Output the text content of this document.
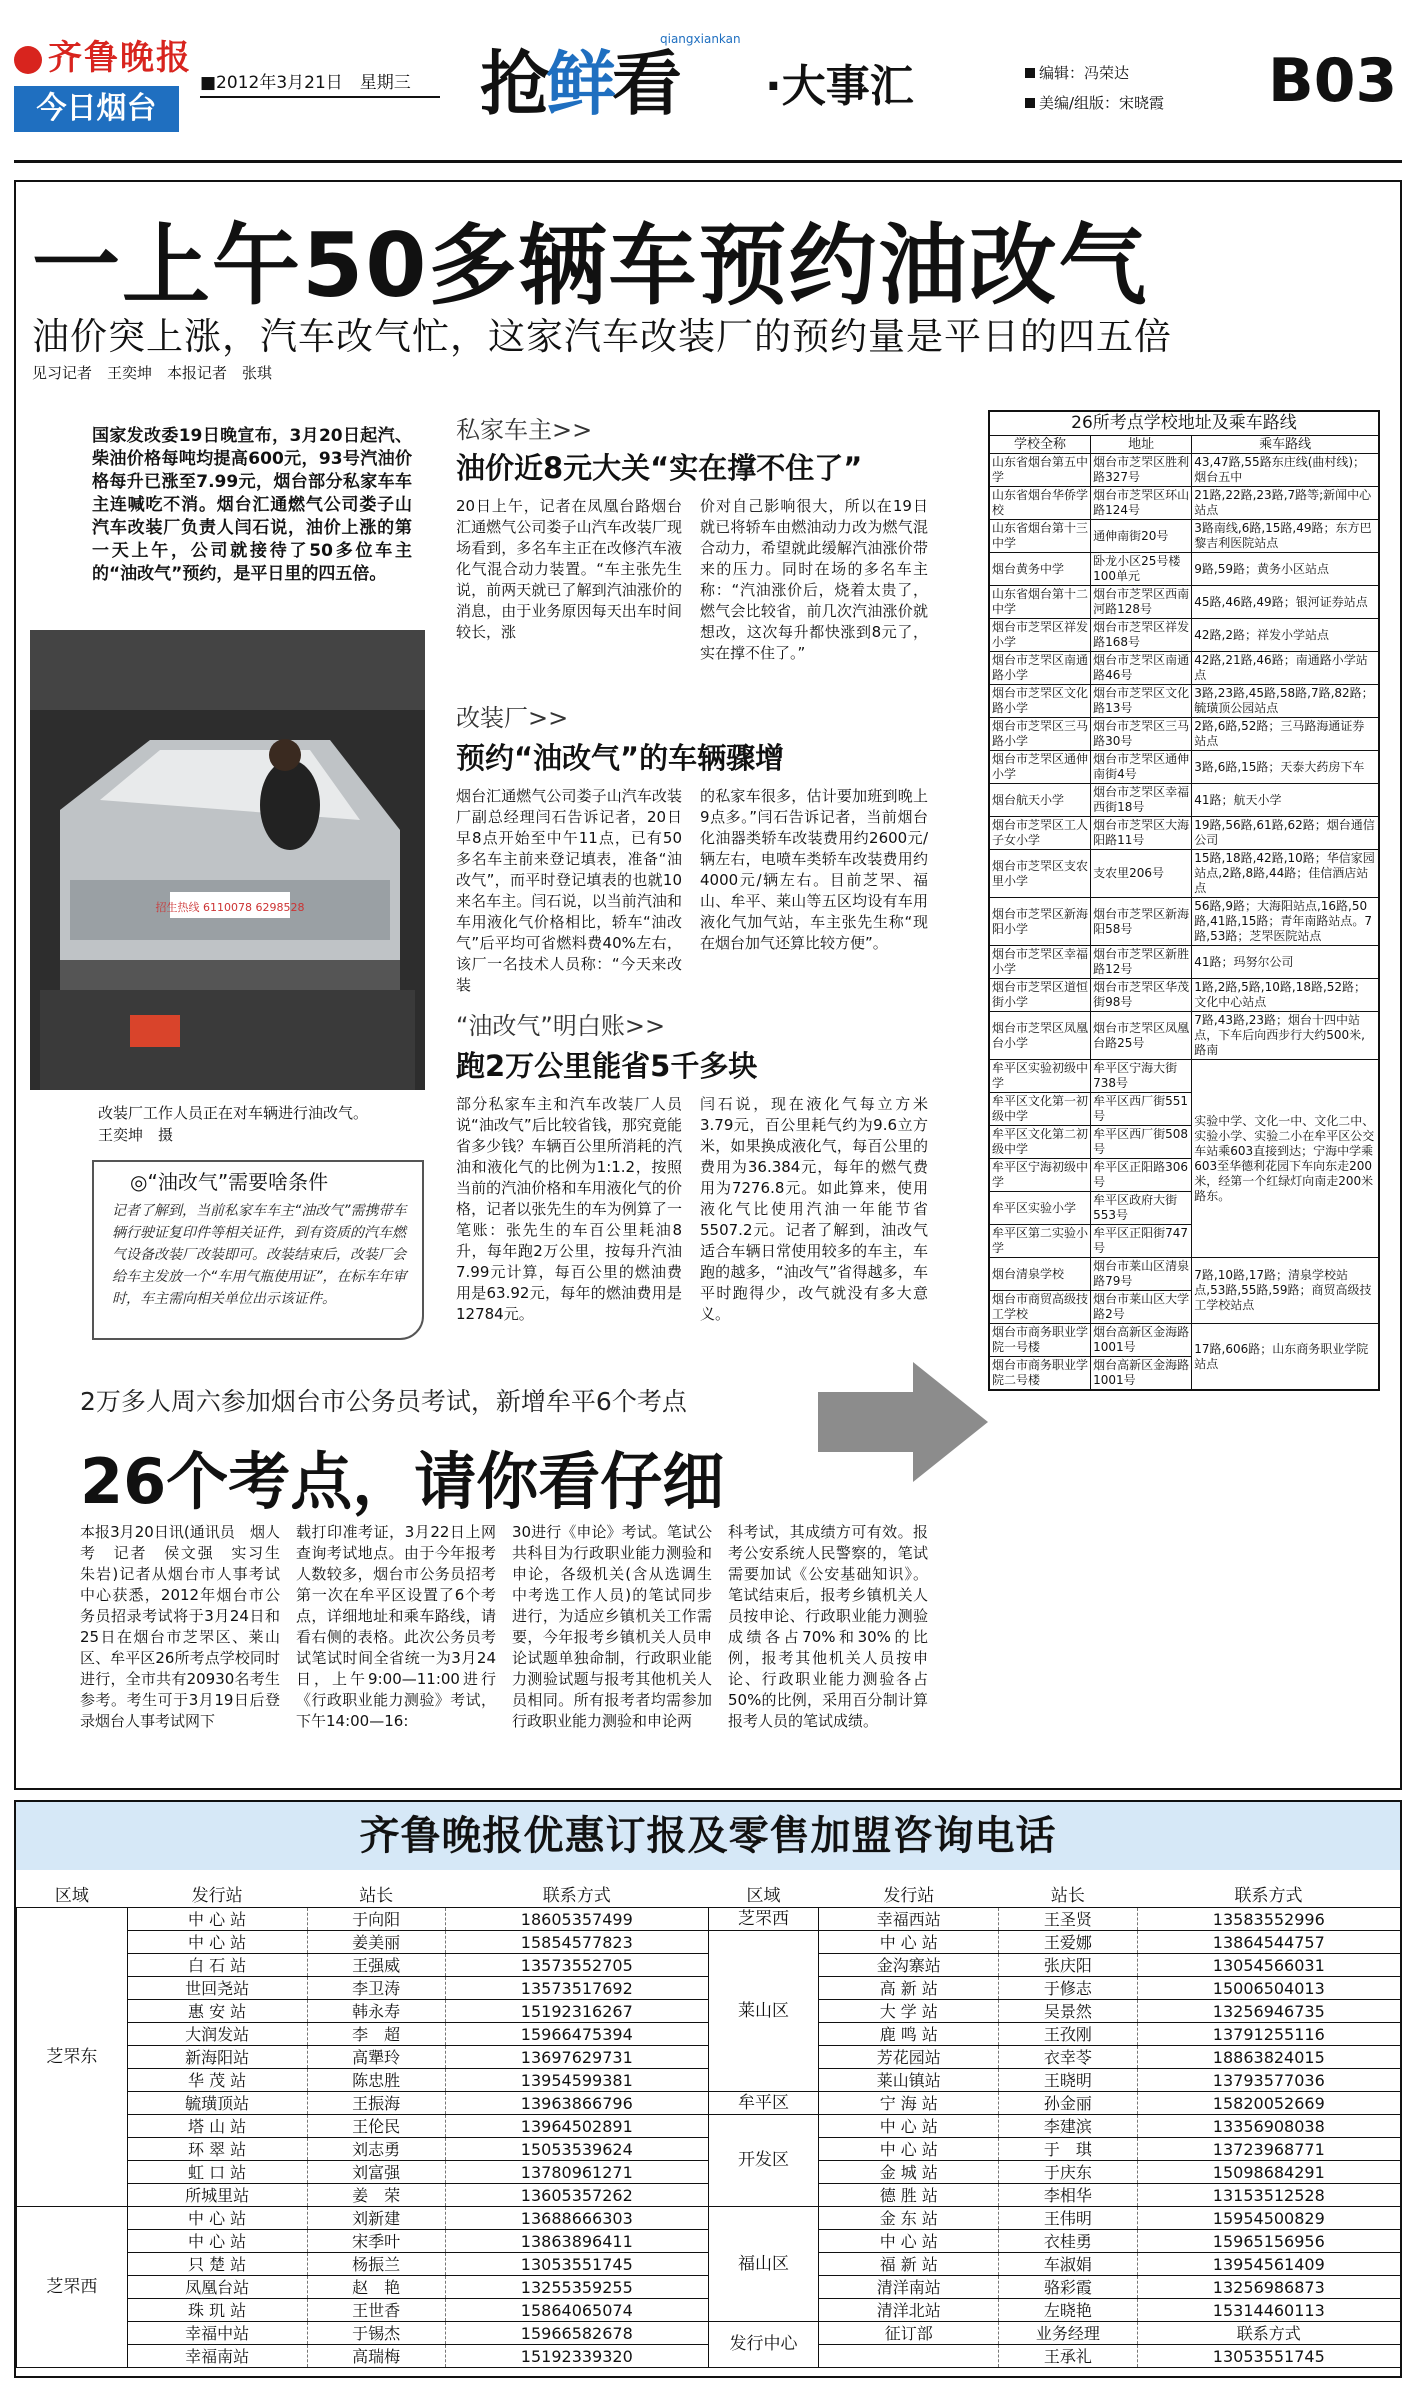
齐鲁晚报
今日烟台
■2012年3月21日　星期三 抢鲜看
qiangxiankan
·大事汇	编辑：冯荣达
美编/组版：宋晓霞 B03
一上午50多辆车预约油改气
油价突上涨，汽车改气忙，这家汽车改装厂的预约量是平日的四五倍
见习记者　王奕坤　本报记者　张琪
国家发改委19日晚宣布，3月20日起汽、柴油价格每吨均提高600元，93号汽油价格每升已涨至7.99元，烟台部分私家车车主连喊吃不消。烟台汇通燃气公司娄子山汽车改装厂负责人闫石说，油价上涨的第一天上午，公司就接待了50多位车主的“油改气”预约，是平日里的四五倍。
招生热线 6110078 6298528
改装厂工作人员正在对车辆进行油改气。
王奕坤　摄
◎“油改气”需要啥条件
记者了解到，当前私家车车主“油改气”需携带车辆行驶证复印件等相关证件，到有资质的汽车燃气设备改装厂改装即可。改装结束后，改装厂会给车主发放一个“车用气瓶使用证”，在标车年审时，车主需向相关单位出示该证件。
私家车主>>
油价近8元大关“实在撑不住了”
20日上午，记者在凤凰台路烟台汇通燃气公司娄子山汽车改装厂现场看到，多名车主正在改修汽车液化气混合动力装置。“车主张先生说，前两天就已了解到汽油涨价的消息，由于业务原因每天出车时间较长，涨
价对自己影响很大，所以在19日就已将轿车由燃油动力改为燃气混合动力，希望就此缓解汽油涨价带来的压力。同时在场的多名车主称：“汽油涨价后，烧着太贵了，燃气会比较省，前几次汽油涨价就想改，这次每升都快涨到8元了，实在撑不住了。”
改装厂>>
预约“油改气”的车辆骤增
烟台汇通燃气公司娄子山汽车改装厂副总经理闫石告诉记者，20日早8点开始至中午11点，已有50多名车主前来登记填表，准备“油改气”，而平时登记填表的也就10来名车主。闫石说，以当前汽油和车用液化气价格相比，轿车“油改气”后平均可省燃料费40%左右，该厂一名技术人员称：“今天来改装
的私家车很多，估计要加班到晚上9点多。”闫石告诉记者，当前烟台化油器类轿车改装费用约2600元/辆左右，电喷车类轿车改装费用约4000元/辆左右。目前芝罘、福山、牟平、莱山等五区均设有车用液化气加气站，车主张先生称“现在烟台加气还算比较方便”。
“油改气”明白账>>
跑2万公里能省5千多块
部分私家车主和汽车改装厂人员说“油改气”后比较省钱，那究竟能省多少钱？车辆百公里所消耗的汽油和液化气的比例为1:1.2，按照当前的汽油价格和车用液化气的价格，记者以张先生的车为例算了一笔账：张先生的车百公里耗油8升，每年跑2万公里，按每升汽油7.99元计算，每百公里的燃油费用是63.92元，每年的燃油费用是12784元。
闫石说，现在液化气每立方米3.79元，百公里耗气约为9.6立方米，如果换成液化气，每百公里的费用为36.384元，每年的燃气费用为7276.8元。如此算来，使用液化气比使用汽油一年能节省5507.2元。记者了解到，油改气适合车辆日常使用较多的车主，车跑的越多，“油改气”省得越多，车平时跑得少，改气就没有多大意义。
26所考点学校地址及乘车路线		
学校全称	地址	乘车路线
山东省烟台第五中学	烟台市芝罘区胜利路327号	43,47路,55路东庄线(曲村线)；烟台五中
山东省烟台华侨学校	烟台市芝罘区环山路124号	21路,22路,23路,7路等;新闻中心站点
山东省烟台第十三中学	通伸南街20号	3路南线,6路,15路,49路；东方巴黎吉利医院站点
烟台黄务中学	卧龙小区25号楼100单元	9路,59路；黄务小区站点
山东省烟台第十二中学	烟台市芝罘区西南河路128号	45路,46路,49路；银河证券站点
烟台市芝罘区祥发小学	烟台市芝罘区祥发路168号	42路,2路；祥发小学站点
烟台市芝罘区南通路小学	烟台市芝罘区南通路46号	42路,21路,46路；南通路小学站点
烟台市芝罘区文化路小学	烟台市芝罘区文化路13号	3路,23路,45路,58路,7路,82路；毓璜顶公园站点
烟台市芝罘区三马路小学	烟台市芝罘区三马路30号	2路,6路,52路；三马路海通证券站点
烟台市芝罘区通伸小学	烟台市芝罘区通伸南街4号	3路,6路,15路；天泰大药房下车
烟台航天小学	烟台市芝罘区幸福西街18号	41路；航天小学
烟台市芝罘区工人子女小学	烟台市芝罘区大海阳路11号	19路,56路,61路,62路；烟台通信公司
烟台市芝罘区支农里小学	支农里206号	15路,18路,42路,10路；华信家园站点,2路,8路,44路；佳信酒店站点
烟台市芝罘区新海阳小学	烟台市芝罘区新海阳58号	56路,9路；大海阳站点,16路,50路,41路,15路；青年南路站点。7路,53路；芝罘医院站点
烟台市芝罘区幸福小学	烟台市芝罘区新胜路12号	41路；玛努尔公司
烟台市芝罘区道恒街小学	烟台市芝罘区华茂街98号	1路,2路,5路,10路,18路,52路；文化中心站点
烟台市芝罘区凤凰台小学	烟台市芝罘区凤凰台路25号	7路,43路,23路；烟台十四中站点，下车后向西步行大约500米,路南
牟平区实验初级中学	牟平区宁海大街738号	实验中学、文化一中、文化二中、实验小学、实验二小在牟平区公交车站乘603直接到达；宁海中学乘603至华德利花园下车向东走200米，经第一个红绿灯向南走200米路东。
牟平区文化第一初级中学	牟平区西厂街551号	
牟平区文化第二初级中学	牟平区西厂街508号	
牟平区宁海初级中学	牟平区正阳路306号	
牟平区实验小学	牟平区政府大街553号	
牟平区第二实验小学	牟平区正阳街747号	
烟台清泉学校	烟台市莱山区清泉路79号	7路,10路,17路；清泉学校站点,53路,55路,59路；商贸高级技工学校站点
烟台市商贸高级技工学校	烟台市莱山区大学路2号	
烟台市商务职业学院一号楼	烟台高新区金海路1001号	17路,606路；山东商务职业学院站点
烟台市商务职业学院二号楼	烟台高新区金海路1001号	
2万多人周六参加烟台市公务员考试，新增牟平6个考点
26个考点，请你看仔细
本报3月20日讯(通讯员　烟人考　记者　侯文强　实习生　朱岩)记者从烟台市人事考试中心获悉，2012年烟台市公务员招录考试将于3月24日和25日在烟台市芝罘区、莱山区、牟平区26所考点学校同时进行，全市共有20930名考生参考。考生可于3月19日后登录烟台人事考试网下
载打印准考证，3月22日上网查询考试地点。由于今年报考人数较多，烟台市公务员招考第一次在牟平区设置了6个考点，详细地址和乘车路线，请看右侧的表格。此次公务员考试笔试时间全省统一为3月24日，上午9:00—11:00进行《行政职业能力测验》考试，下午14:00—16:
30进行《申论》考试。笔试公共科目为行政职业能力测验和申论，各级机关(含从选调生中考选工作人员)的笔试同步进行，为适应乡镇机关工作需要，今年报考乡镇机关人员申论试题单独命制，行政职业能力测验试题与报考其他机关人员相同。所有报考者均需参加行政职业能力测验和申论两
科考试，其成绩方可有效。报考公安系统人民警察的，笔试需要加试《公安基础知识》。笔试结束后，报考乡镇机关人员按申论、行政职业能力测验成绩各占70%和30%的比例，报考其他机关人员按申论、行政职业能力测验各占50%的比例，采用百分制计算报考人员的笔试成绩。
齐鲁晚报优惠订报及零售加盟咨询电话
区域	发行站	站长	联系方式	区域	发行站	站长	联系方式
芝罘东	中 心 站	于向阳	18605357499	芝罘西	幸福西站	王圣贤	13583552996
	中 心 站	姜美丽	15854577823	莱山区	中 心 站	王爱娜	13864544757
	白 石 站	王强威	13573552705		金沟寨站	张庆阳	13054566031
	世回尧站	李卫涛	13573517692		高 新 站	于修志	15006504013
	惠 安 站	韩永寿	15192316267		大 学 站	吴景然	13256946735
	大润发站	李　超	15966475394		鹿 鸣 站	王孜刚	13791255116
	新海阳站	高犟玲	13697629731		芳花园站	衣幸苓	18863824015
	华 茂 站	陈忠胜	13954599381		莱山镇站	王晓明	13793577036
	毓璜顶站	王振海	13963866796	牟平区	宁 海 站	孙金丽	15820052669
	塔 山 站	王伦民	13964502891	开发区	中 心 站	李建滨	13356908038
	环 翠 站	刘志勇	15053539624		中 心 站	于　琪	13723968771
	虹 口 站	刘富强	13780961271		金 城 站	于庆东	15098684291
	所城里站	姜　荣	13605357262		德 胜 站	李相华	13153512528
芝罘西	中 心 站	刘新建	13688666303	福山区	金 东 站	王伟明	15954500829
	中 心 站	宋季叶	13863896411		中 心 站	衣桂勇	15965156956
	只 楚 站	杨振兰	13053551745		福 新 站	车淑娟	13954561409
	凤凰台站	赵　艳	13255359255		清洋南站	骆彩霞	13256986873
	珠 玑 站	王世香	15864065074		清洋北站	左晓艳	15314460113
	幸福中站	于锡杰	15966582678	发行中心	征订部	业务经理	联系方式
	幸福南站	高瑞梅	15192339320			王承礼	13053551745
